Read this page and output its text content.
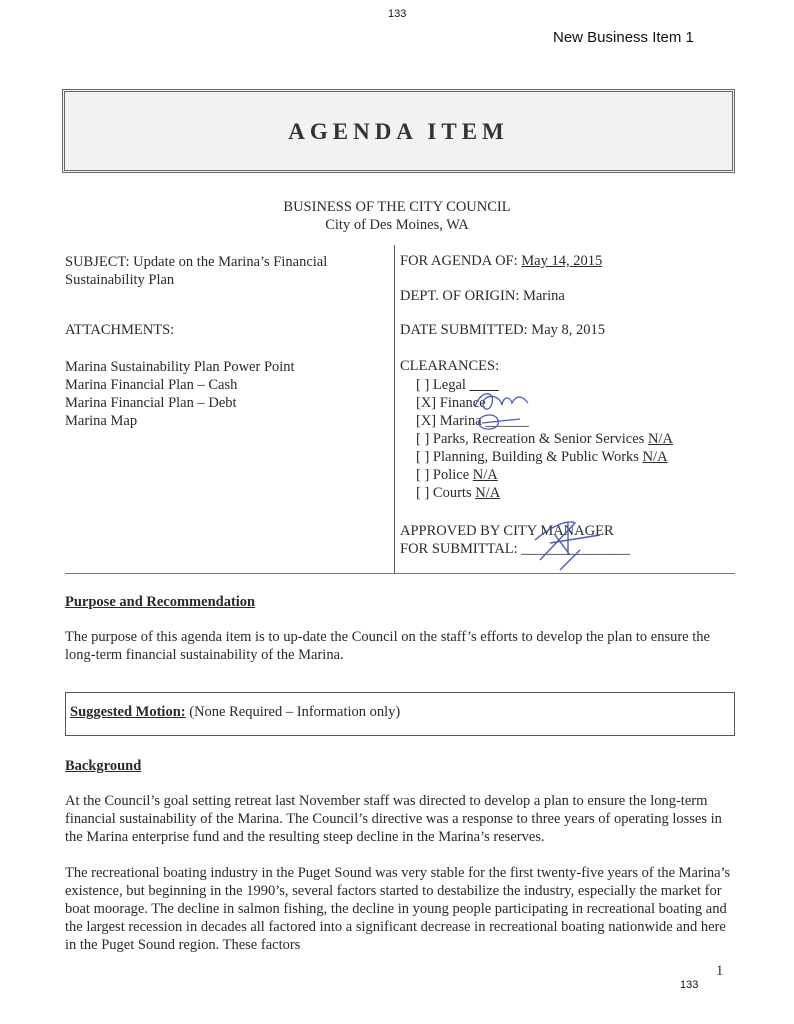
133
New Business Item 1
AGENDA ITEM
BUSINESS OF THE CITY COUNCIL
City of Des Moines, WA
SUBJECT: Update on the Marina’s Financial
Sustainability Plan
ATTACHMENTS:
Marina Sustainability Plan Power Point
Marina Financial Plan – Cash
Marina Financial Plan – Debt
Marina Map
FOR AGENDA OF: May 14, 2015
DEPT. OF ORIGIN: Marina
DATE SUBMITTED: May 8, 2015
CLEARANCES:
[ ] Legal ____
[X] Finance
[X] Marina ______
[ ] Parks, Recreation & Senior Services N/A
[ ] Planning, Building & Public Works N/A
[ ] Police N/A
[ ] Courts N/A
APPROVED BY CITY MANAGER
FOR SUBMITTAL: _______________
Purpose and Recommendation
The purpose of this agenda item is to up-date the Council on the staff’s efforts to develop the plan to ensure the long-term financial sustainability of the Marina.
Suggested Motion: (None Required – Information only)
Background
At the Council’s goal setting retreat last November staff was directed to develop a plan to ensure the long-term financial sustainability of the Marina. The Council’s directive was a response to three years of operating losses in the Marina enterprise fund and the resulting steep decline in the Marina’s reserves.
The recreational boating industry in the Puget Sound was very stable for the first twenty-five years of the Marina’s existence, but beginning in the 1990’s, several factors started to destabilize the industry, especially the market for boat moorage. The decline in salmon fishing, the decline in young people participating in recreational boating and the largest recession in decades all factored into a significant decrease in recreational boating nationwide and here in the Puget Sound region. These factors
1
133
